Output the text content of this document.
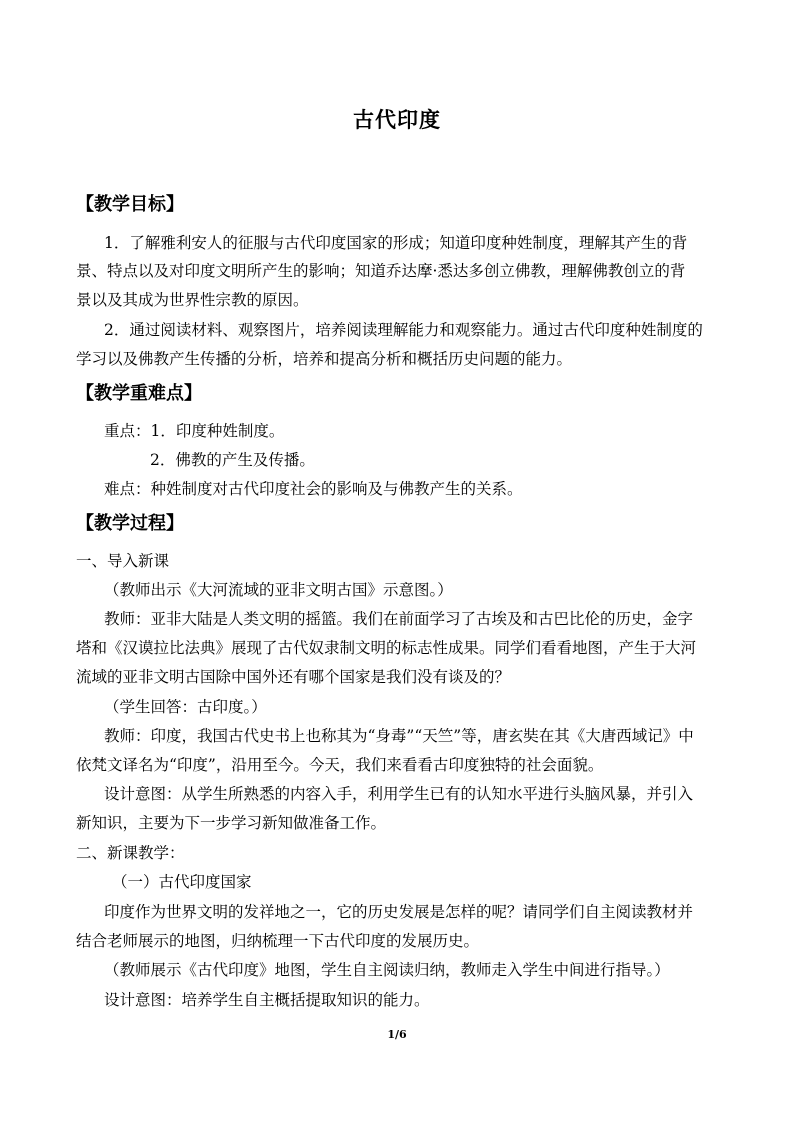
古代印度
【教学目标】
1．了解雅利安人的征服与古代印度国家的形成；知道印度种姓制度，理解其产生的背
景、特点以及对印度文明所产生的影响；知道乔达摩·悉达多创立佛教，理解佛教创立的背
景以及其成为世界性宗教的原因。
2．通过阅读材料、观察图片，培养阅读理解能力和观察能力。通过古代印度种姓制度的
学习以及佛教产生传播的分析，培养和提高分析和概括历史问题的能力。
【教学重难点】
重点：1．印度种姓制度。
2．佛教的产生及传播。
难点：种姓制度对古代印度社会的影响及与佛教产生的关系。
【教学过程】
一、导入新课
（教师出示《大河流域的亚非文明古国》示意图。）
教师：亚非大陆是人类文明的摇篮。我们在前面学习了古埃及和古巴比伦的历史，金字
塔和《汉谟拉比法典》展现了古代奴隶制文明的标志性成果。同学们看看地图，产生于大河
流域的亚非文明古国除中国外还有哪个国家是我们没有谈及的？
（学生回答：古印度。）
教师：印度，我国古代史书上也称其为“身毒”“天竺”等，唐玄奘在其《大唐西域记》中
依梵文译名为“印度”，沿用至今。今天，我们来看看古印度独特的社会面貌。
设计意图：从学生所熟悉的内容入手，利用学生已有的认知水平进行头脑风暴，并引入
新知识，主要为下一步学习新知做准备工作。
二、新课教学：
（一）古代印度国家
印度作为世界文明的发祥地之一，它的历史发展是怎样的呢？请同学们自主阅读教材并
结合老师展示的地图，归纳梳理一下古代印度的发展历史。
（教师展示《古代印度》地图，学生自主阅读归纳，教师走入学生中间进行指导。）
设计意图：培养学生自主概括提取知识的能力。
1/6
